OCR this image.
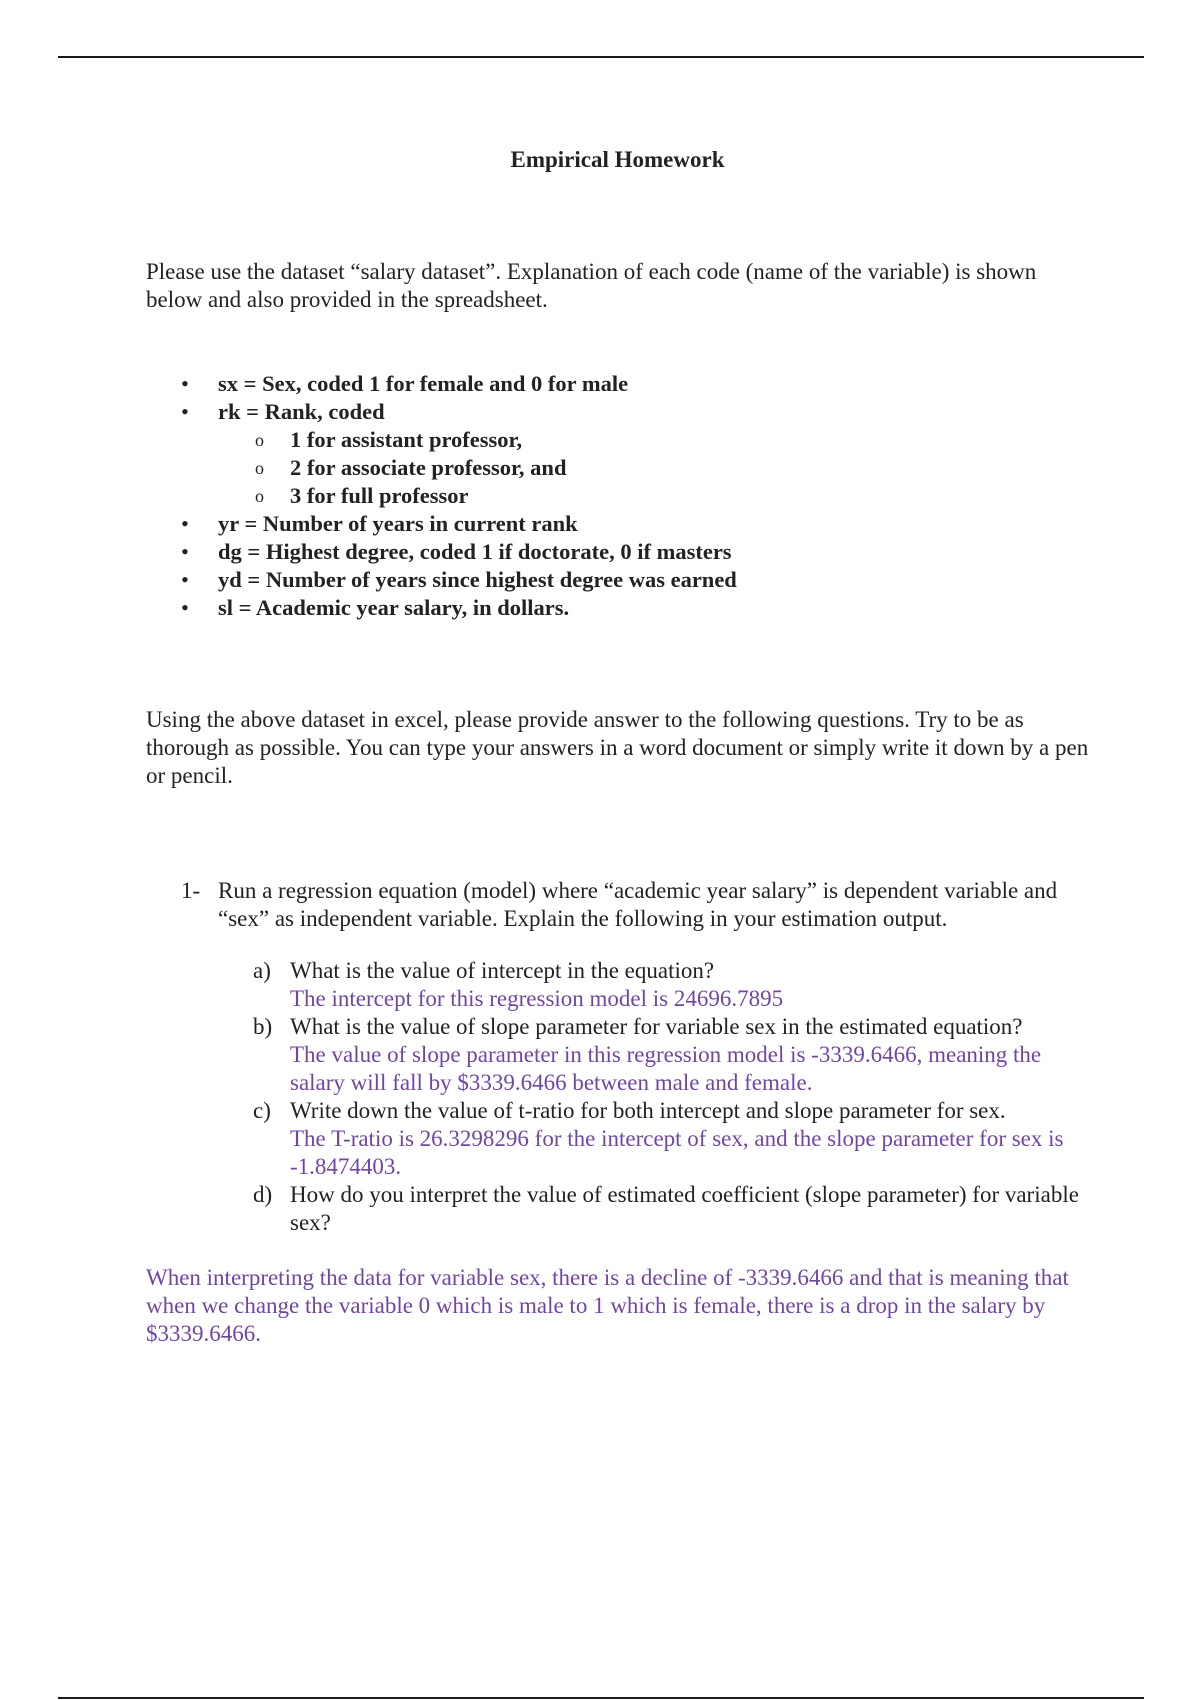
Empirical Homework

Please use the dataset “salary dataset”. Explanation of each code (name of the variable) is shown below and also provided in the spreadsheet.

• sx = Sex, coded 1 for female and 0 for male
• rk = Rank, coded
o 1 for assistant professor,
o 2 for associate professor, and
o 3 for full professor
• yr = Number of years in current rank
• dg = Highest degree, coded 1 if doctorate, 0 if masters
• yd = Number of years since highest degree was earned
• sl = Academic year salary, in dollars.

Using the above dataset in excel, please provide answer to the following questions. Try to be as thorough as possible. You can type your answers in a word document or simply write it down by a pen or pencil.

1- Run a regression equation (model) where “academic year salary” is dependent variable and “sex” as independent variable. Explain the following in your estimation output.
a) What is the value of intercept in the equation?
The intercept for this regression model is 24696.7895
b) What is the value of slope parameter for variable sex in the estimated equation?
The value of slope parameter in this regression model is -3339.6466, meaning the salary will fall by $3339.6466 between male and female.
c) Write down the value of t-ratio for both intercept and slope parameter for sex.
The T-ratio is 26.3298296 for the intercept of sex, and the slope parameter for sex is -1.8474403.
d) How do you interpret the value of estimated coefficient (slope parameter) for variable sex?

When interpreting the data for variable sex, there is a decline of -3339.6466 and that is meaning that when we change the variable 0 which is male to 1 which is female, there is a drop in the salary by $3339.6466.
